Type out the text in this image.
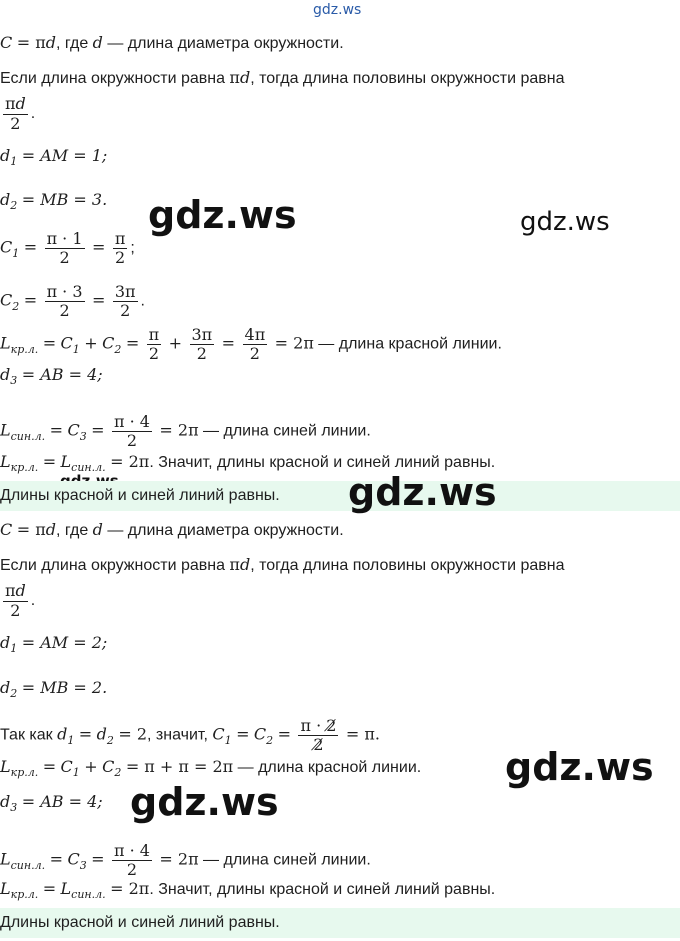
gdz.ws
gdz.ws	gdz.ws
gdz.ws
gdz.ws
gdz.ws
C = πd, где d — длина диаметра окружности.
Если длина окружности равна πd, тогда длина половины окружности равна
$\frac{\pi d}{2}$ .
$d_1$ = AM = 1;
$d_2$ = MB = 3.
$C_1 = \frac{\pi \cdot 1}{2} = \frac{\pi}{2}$ ;
$C_2 = \frac{\pi \cdot 3}{2} = \frac{3\pi}{2}$ .
$L_{кр.л.} = C_1 + C_2 = \frac{\pi}{2} + \frac{3\pi}{2} = \frac{4\pi}{2} = 2\pi$ — длина красной линии.
$d_3$ = AB = 4;
$L_{син.л.} = C_3 = \frac{\pi \cdot 4}{2} = 2\pi$ — длина синей линии.
$L_{кр.л.} = L_{син.л.} = 2\pi$. Значит, длины красной и синей линий равны.
Длины красной и синей линий равны.
C = πd, где d — длина диаметра окружности.
Если длина окружности равна πd, тогда длина половины окружности равна
$\frac{\pi d}{2}$ .
$d_1$ = AM = 2;
$d_2$ = MB = 2.
Так как $d_1 = d_2 = 2$, значит, $C_1 = C_2 = \frac{\pi \cdot 2̸}{2̸} = \pi$.
$L_{кр.л.} = C_1 + C_2 = \pi + \pi = 2\pi$ — длина красной линии.
$d_3$ = AB = 4;
$L_{син.л.} = C_3 = \frac{\pi \cdot 4}{2} = 2\pi$ — длина синей линии.
$L_{кр.л.} = L_{син.л.} = 2\pi$. Значит, длины красной и синей линий равны.
Длины красной и синей линий равны.
